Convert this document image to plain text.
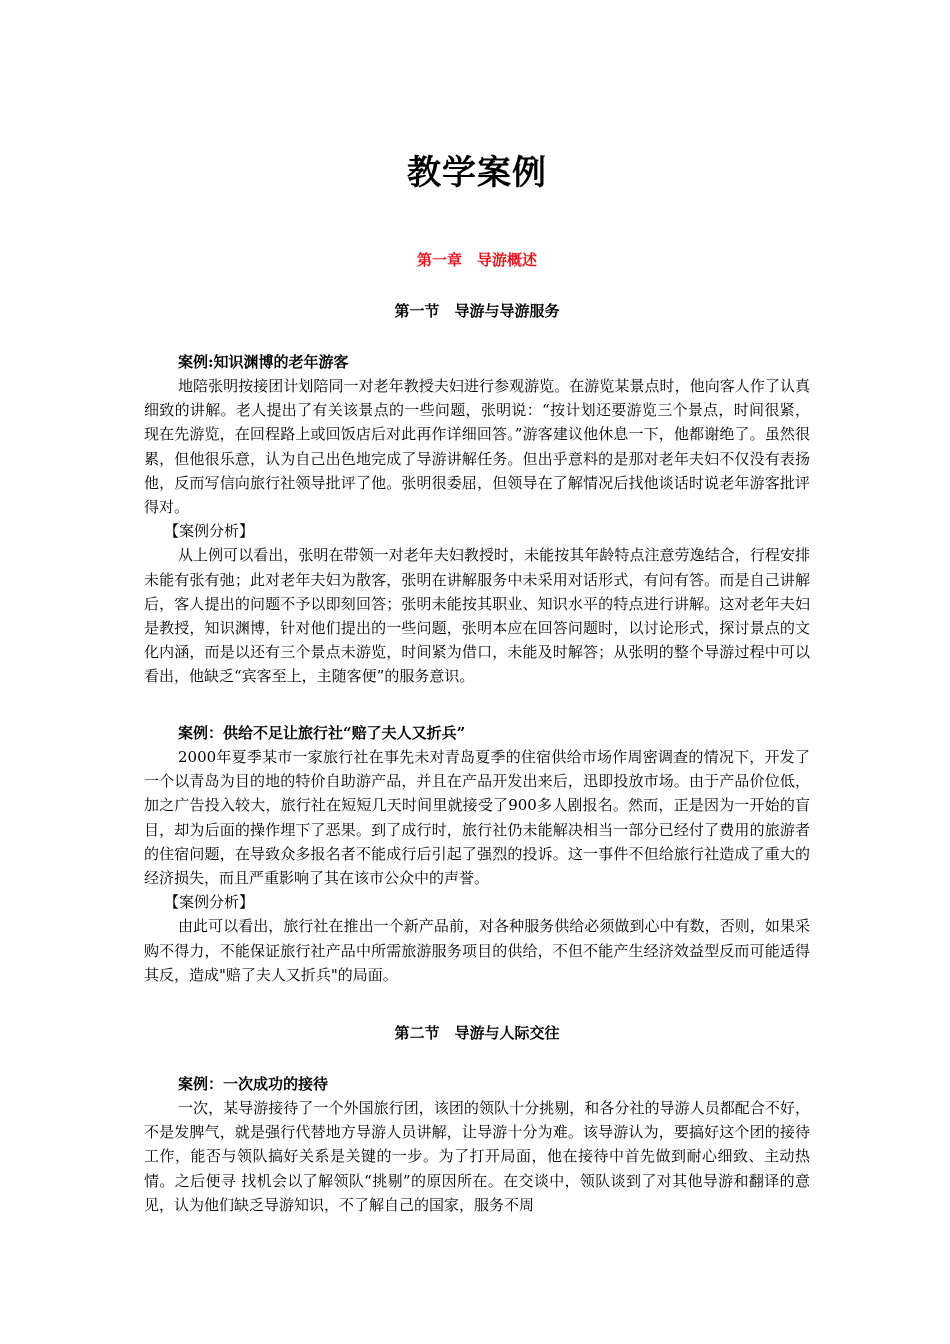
教学案例
第一章　导游概述
第一节　导游与导游服务
案例:知识渊博的老年游客

地陪张明按接团计划陪同一对老年教授夫妇进行参观游览。在游览某景点时，他向客人作了认真细致的讲解。老人提出了有关该景点的一些问题，张明说：“按计划还要游览三个景点，时间很紧，现在先游览，在回程路上或回饭店后对此再作详细回答。”游客建议他休息一下，他都谢绝了。虽然很累，但他很乐意，认为自己出色地完成了导游讲解任务。但出乎意料的是那对老年夫妇不仅没有表扬他，反而写信向旅行社领导批评了他。张明很委屈，但领导在了解情况后找他谈话时说老年游客批评得对。

【案例分析】

从上例可以看出，张明在带领一对老年夫妇教授时，未能按其年龄特点注意劳逸结合，行程安排未能有张有弛；此对老年夫妇为散客，张明在讲解服务中未采用对话形式，有问有答。而是自己讲解后，客人提出的问题不予以即刻回答；张明未能按其职业、知识水平的特点进行讲解。这对老年夫妇是教授，知识渊博，针对他们提出的一些问题，张明本应在回答问题时，以讨论形式，探讨景点的文化内涵，而是以还有三个景点未游览，时间紧为借口，未能及时解答；从张明的整个导游过程中可以看出，他缺乏“宾客至上，主随客便”的服务意识。

案例：供给不足让旅行社“赔了夫人又折兵”

2000年夏季某市一家旅行社在事先未对青岛夏季的住宿供给市场作周密调查的情况下，开发了一个以青岛为目的地的特价自助游产品，并且在产品开发出来后，迅即投放市场。由于产品价位低，加之广告投入较大，旅行社在短短几天时间里就接受了900多人剧报名。然而，正是因为一开始的盲目，却为后面的操作埋下了恶果。到了成行时，旅行社仍未能解决相当一部分已经付了费用的旅游者的住宿问题，在导致众多报名者不能成行后引起了强烈的投诉。这一事件不但给旅行社造成了重大的经济损失，而且严重影响了其在该市公众中的声誉。

【案例分析】

由此可以看出，旅行社在推出一个新产品前，对各种服务供给必须做到心中有数，否则，如果采购不得力，不能保证旅行社产品中所需旅游服务项目的供给，不但不能产生经济效益型反而可能适得其反，造成"赔了夫人又折兵"的局面。

第二节　导游与人际交往
案例：一次成功的接待

一次，某导游接待了一个外国旅行团，该团的领队十分挑剔，和各分社的导游人员都配合不好，不是发脾气，就是强行代替地方导游人员讲解，让导游十分为难。该导游认为，要搞好这个团的接待工作，能否与领队搞好关系是关键的一步。为了打开局面，他在接待中首先做到耐心细致、主动热情。之后便寻 找机会以了解领队“挑剔”的原因所在。在交谈中，领队谈到了对其他导游和翻译的意见，认为他们缺乏导游知识，不了解自己的国家，服务不周
